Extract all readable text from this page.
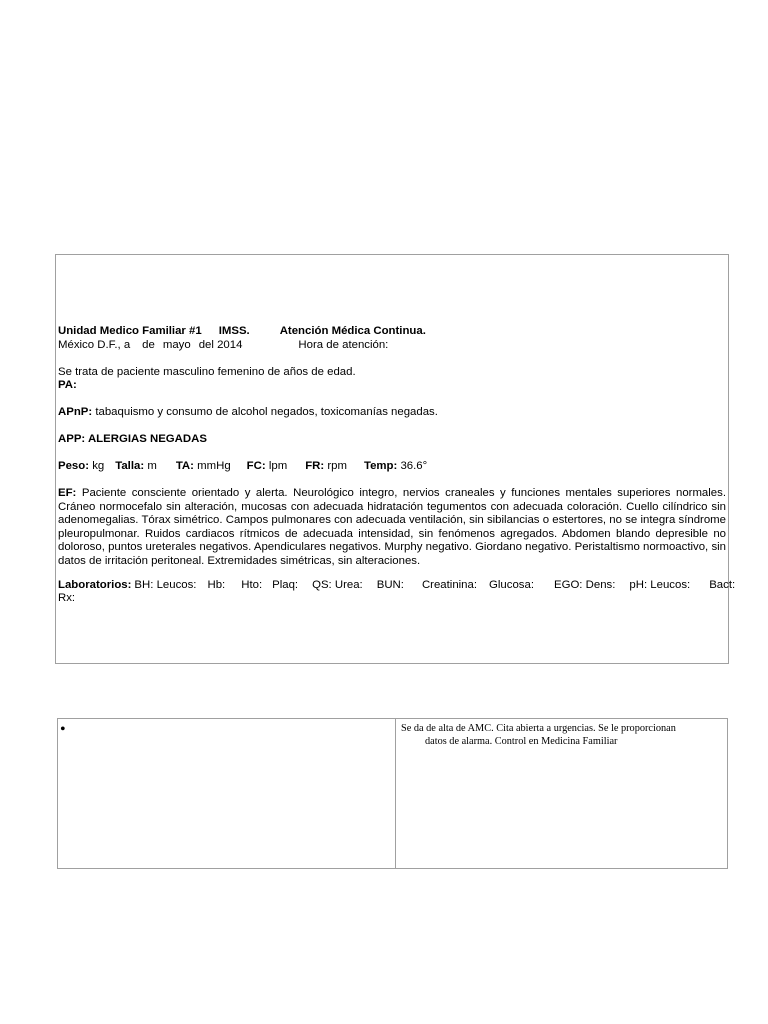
Unidad Medico Familiar #1 IMSS.	Atención Médica Continua.
México D.F., a de mayo del 2014	Hora de atención:
Se trata de paciente masculino femenino de años de edad.
PA:
APnP: tabaquismo y consumo de alcohol negados, toxicomanías negadas.
APP: ALERGIAS NEGADAS
Peso: kg Talla: m TA: mmHg FC: lpm FR: rpm Temp: 36.6°
EF: Paciente consciente orientado y alerta. Neurológico integro, nervios craneales y funciones mentales superiores normales. Cráneo normocefalo sin alteración, mucosas con adecuada hidratación tegumentos con adecuada coloración. Cuello cilíndrico sin adenomegalias. Tórax simétrico. Campos pulmonares con adecuada ventilación, sin sibilancias o estertores, no se integra síndrome pleuropulmonar. Ruidos cardiacos rítmicos de adecuada intensidad, sin fenómenos agregados. Abdomen blando depresible no doloroso, puntos ureterales negativos. Apendiculares negativos. Murphy negativo. Giordano negativo. Peristaltismo normoactivo, sin datos de irritación peritoneal. Extremidades simétricas, sin alteraciones.
Laboratorios: BH: Leucos: Hb: Hto: Plaq: QS: Urea: BUN: Creatinina: Glucosa: EGO: Dens: pH: Leucos: Bact:
Rx:
•	Se da de alta de AMC. Cita abierta a urgencias. Se le proporcionan
datos de alarma. Control en Medicina Familiar
